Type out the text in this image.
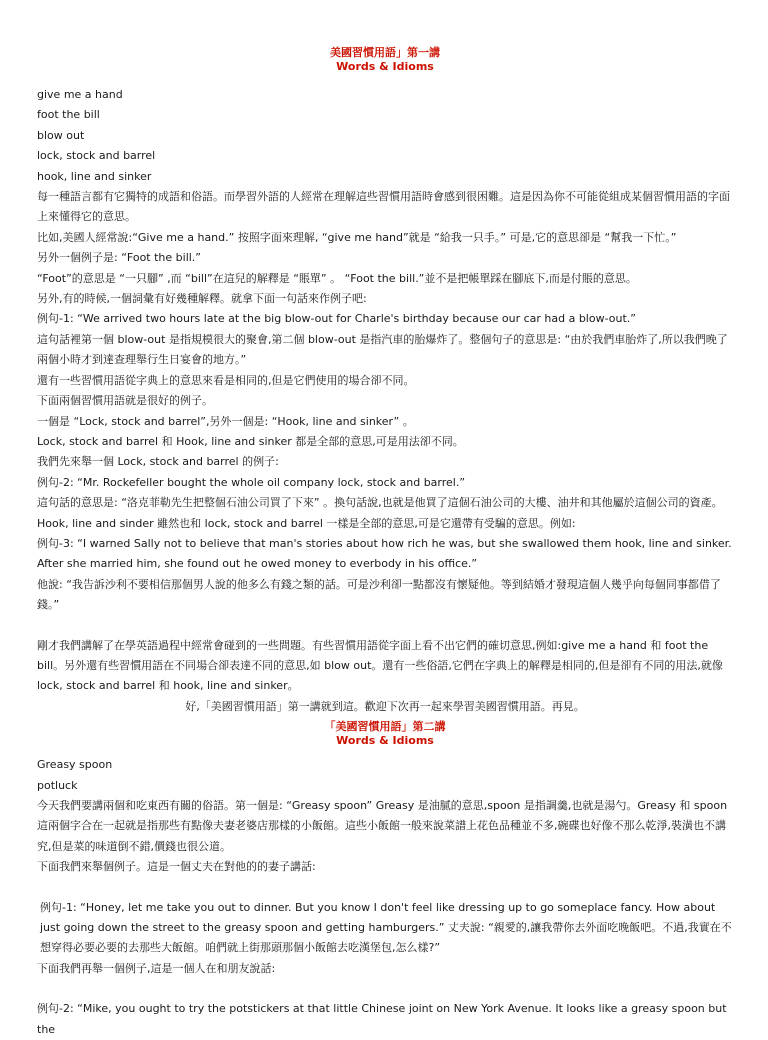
美國習慣用語」第一講

Words & Idioms

give me a hand

foot the bill

blow out

lock, stock and barrel

hook, line and sinker

每一種語言都有它獨特的成語和俗語。而學習外語的人經常在理解這些習慣用語時會感到很困難。這是因為你不可能從組成某個習慣用語的字面上來懂得它的意思。

比如,美國人經常說:“Give me a hand.” 按照字面來理解, “give me hand”就是 “給我一只手。” 可是,它的意思卻是 “幫我一下忙。”

另外一個例子是: “Foot the bill.”

“Foot”的意思是 “一只腳” ,而 “bill”在這兒的解釋是 “賬單” 。 “Foot the bill.”並不是把帳單踩在腳底下,而是付賬的意思。

另外,有的時候,一個詞彙有好幾種解釋。就拿下面一句話來作例子吧:

例句-1: “We arrived two hours late at the big blow-out for Charle's birthday because our car had a blow-out.”

這句話裡第一個 blow-out 是指規模很大的聚會,第二個 blow-out 是指汽車的胎爆炸了。整個句子的意思是: “由於我們車胎炸了,所以我們晚了兩個小時才到達查理舉行生日宴會的地方。”

還有一些習慣用語從字典上的意思來看是相同的,但是它們使用的場合卻不同。

下面兩個習慣用語就是很好的例子。

一個是 “Lock, stock and barrel”,另外一個是: “Hook, line and sinker” 。

Lock, stock and barrel 和 Hook, line and sinker 都是全部的意思,可是用法卻不同。

我們先來舉一個 Lock, stock and barrel 的例子:

例句-2: “Mr. Rockefeller bought the whole oil company lock, stock and barrel.”

這句話的意思是: “洛克菲勒先生把整個石油公司買了下來” 。換句話說,也就是他買了這個石油公司的大樓、油井和其他屬於這個公司的資產。

Hook, line and sinder 雖然也和 lock, stock and barrel 一樣是全部的意思,可是它還帶有受騙的意思。例如:

例句-3: “I warned Sally not to believe that man's stories about how rich he was, but she swallowed them hook, line and sinker. After she married him, she found out he owed money to everbody in his office.”

他說: “我告訴沙利不要相信那個男人說的他多么有錢之類的話。可是沙利卻一點都沒有懷疑他。等到結婚才發現這個人幾乎向每個同事都借了錢。”

剛才我們講解了在學英語過程中經常會碰到的一些問題。有些習慣用語從字面上看不出它們的確切意思,例如:give me a hand 和 foot the bill。另外還有些習慣用語在不同場合卻表達不同的意思,如 blow out。還有一些俗語,它們在字典上的解釋是相同的,但是卻有不同的用法,就像 lock, stock and barrel 和 hook, line and sinker。

好,「美國習慣用語」第一講就到這。歡迎下次再一起來學習美國習慣用語。再見。

「美國習慣用語」第二講

Words & Idioms

Greasy spoon

potluck

今天我們要講兩個和吃東西有關的俗語。第一個是: “Greasy spoon” Greasy 是油膩的意思,spoon 是指調羹,也就是湯勺。Greasy 和 spoon 這兩個字合在一起就是指那些有點像夫妻老婆店那樣的小飯館。這些小飯館一般來說菜譜上花色品種並不多,碗碟也好像不那么乾淨,裝潢也不講究,但是菜的味道倒不錯,價錢也很公道。

下面我們來舉個例子。這是一個丈夫在對他的的妻子講話:

例句-1: “Honey, let me take you out to dinner. But you know I don't feel like dressing up to go someplace fancy. How about just going down the street to the greasy spoon and getting hamburgers.” 丈夫說: “親愛的,讓我帶你去外面吃晚飯吧。不過,我實在不想穿得必要必要的去那些大飯館。咱們就上街那頭那個小飯館去吃漢堡包,怎么樣?”

下面我們再舉一個例子,這是一個人在和朋友說話:

例句-2: “Mike, you ought to try the potstickers at that little Chinese joint on New York Avenue. It looks like a greasy spoon but the
